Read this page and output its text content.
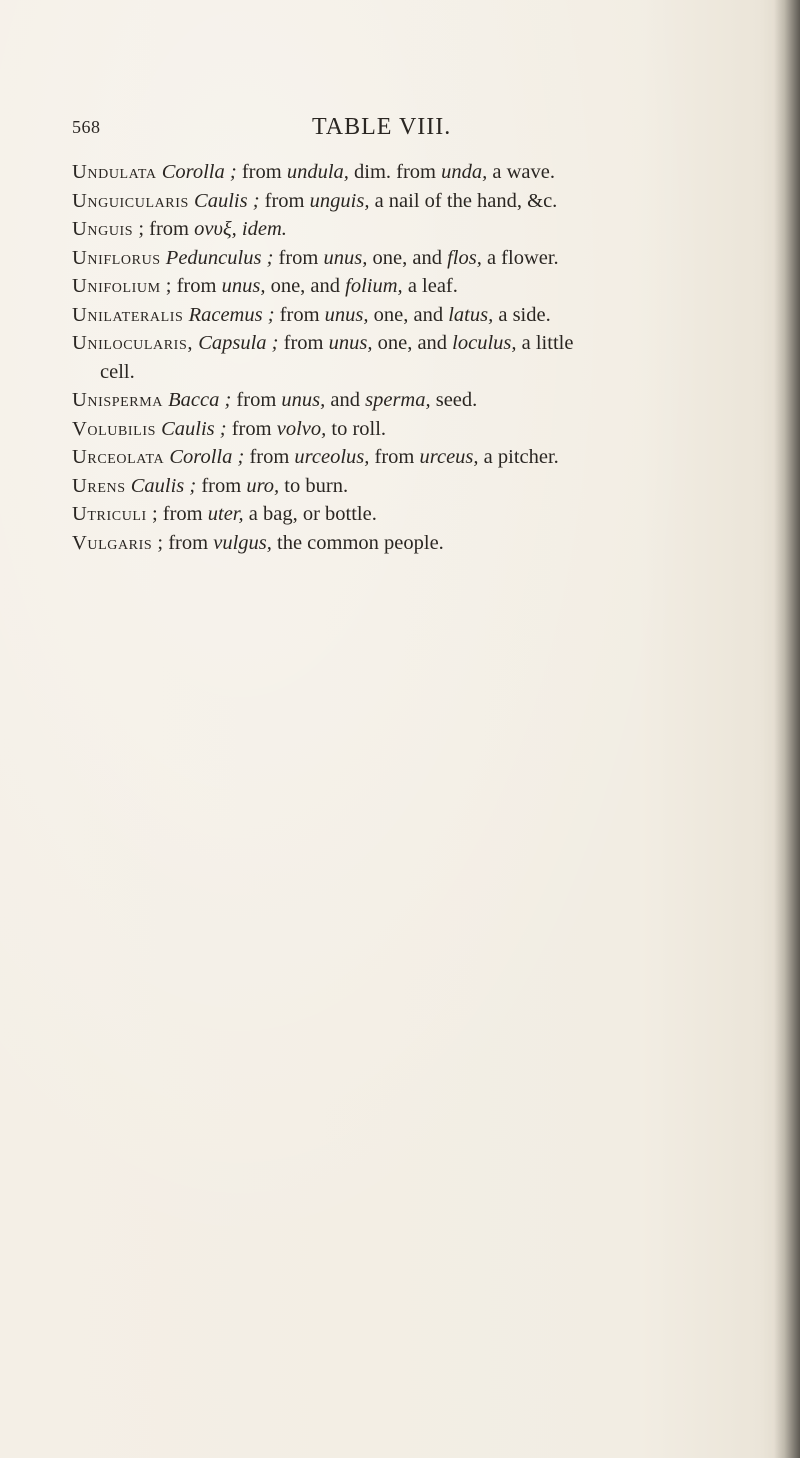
568	TABLE VIII.
Undulata Corolla ; from undula, dim. from unda, a wave.
Unguicularis Caulis ; from unguis, a nail of the hand, &c.
Unguis ; from ονυξ, idem.
Uniflorus Pedunculus ; from unus, one, and flos, a flower.
Unifolium ; from unus, one, and folium, a leaf.
Unilateralis Racemus ; from unus, one, and latus, a side.
Unilocularis, Capsula ; from unus, one, and loculus, a little
cell.
Unisperma Bacca ; from unus, and sperma, seed.
Volubilis Caulis ; from volvo, to roll.
Urceolata Corolla ; from urceolus, from urceus, a pitcher.
Urens Caulis ; from uro, to burn.
Utriculi ; from uter, a bag, or bottle.
Vulgaris ; from vulgus, the common people.
